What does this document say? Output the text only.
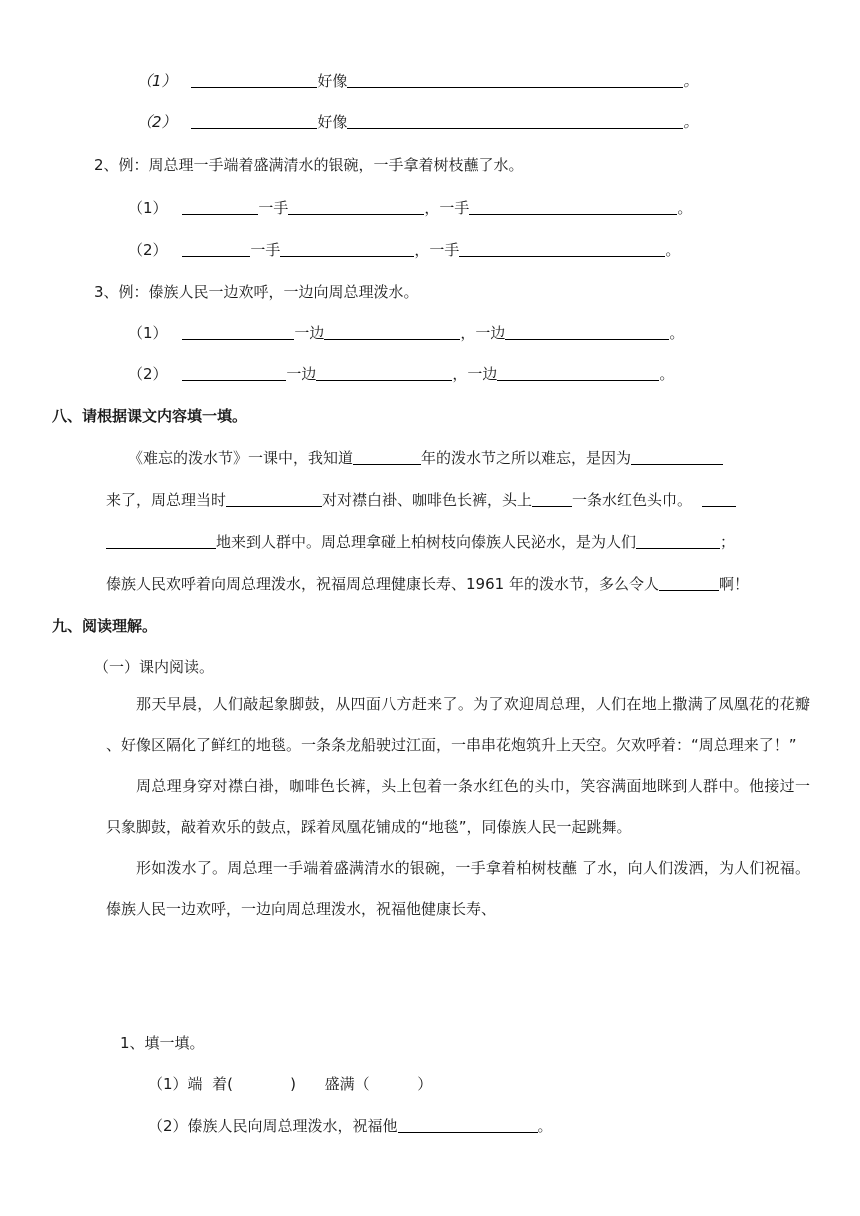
（1）	好像	。
（2）	好像	。
2、例：周总理一手端着盛满清水的银碗，一手拿着树枝蘸了水。
（1）	一手	，一手	。
（2）	一手	，一手	。
3、例：傣族人民一边欢呼，一边向周总理泼水。
（1）	一边	，一边	。
（2）	一边	，一边	。
八、请根据课文内容填一填。
《难忘的泼水节》一课中，我知道	年的泼水节之所以难忘，是因为
来了，周总理当时	对对襟白褂、咖啡色长裤，头上	一条水红色头巾。
地来到人群中。周总理拿碰上柏树枝向傣族人民泌水，是为人们	；
傣族人民欢呼着向周总理泼水，祝福周总理健康长寿、1961 年的泼水节，多么令人	啊！
九、阅读理解。
（一）课内阅读。

那天早晨，人们敲起象脚鼓，从四面八方赶来了。为了欢迎周总理，人们在地上撒满了凤凰花的花瓣 、好像区隔化了鲜红的地毯。一条条龙船驶过江面，一串串花炮筑升上天空。欠欢呼着：“周总理来了！”

周总理身穿对襟白褂，咖啡色长裤，头上包着一条水红色的头巾，笑容满面地眯到人群中。他接过一只象脚鼓，敲着欢乐的鼓点，踩着凤凰花铺成的“地毯”，同傣族人民一起跳舞。

形如泼水了。周总理一手端着盛满清水的银碗，一手拿着柏树枝蘸 了水，向人们泼洒，为人们祝福。傣族人民一边欢呼，一边向周总理泼水，祝福他健康长寿、

1、填一填。
（1）端  着(            )      盛满（          ）
（2）傣族人民向周总理泼水，祝福他	。
